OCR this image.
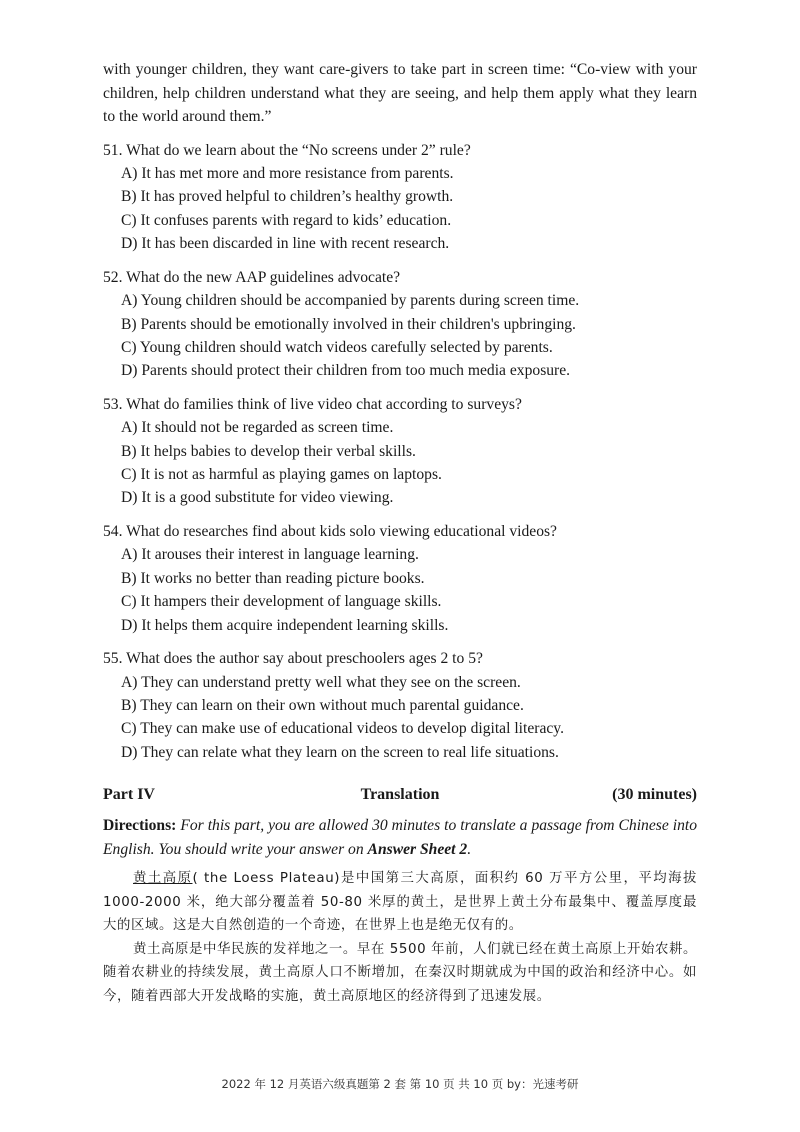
with younger children, they want care-givers to take part in screen time: “Co-view with your children, help children understand what they are seeing, and help them apply what they learn to the world around them.”

51. What do we learn about the “No screens under 2” rule?

A) It has met more and more resistance from parents.

B) It has proved helpful to children’s healthy growth.

C) It confuses parents with regard to kids’ education.

D) It has been discarded in line with recent research.

52. What do the new AAP guidelines advocate?

A) Young children should be accompanied by parents during screen time.

B) Parents should be emotionally involved in their children's upbringing.

C) Young children should watch videos carefully selected by parents.

D) Parents should protect their children from too much media exposure.

53. What do families think of live video chat according to surveys?

A) It should not be regarded as screen time.

B) It helps babies to develop their verbal skills.

C) It is not as harmful as playing games on laptops.

D) It is a good substitute for video viewing.

54. What do researches find about kids solo viewing educational videos?

A) It arouses their interest in language learning.

B) It works no better than reading picture books.

C) It hampers their development of language skills.

D) It helps them acquire independent learning skills.

55. What does the author say about preschoolers ages 2 to 5?

A) They can understand pretty well what they see on the screen.

B) They can learn on their own without much parental guidance.

C) They can make use of educational videos to develop digital literacy.

D) They can relate what they learn on the screen to real life situations.

Part IV	Translation	(30 minutes)

Directions: For this part, you are allowed 30 minutes to translate a passage from Chinese into English. You should write your answer on Answer Sheet 2.

黄土高原( the Loess Plateau)是中国第三大高原，面积约 60 万平方公里，平均海拔 1000-2000 米，绝大部分覆盖着 50-80 米厚的黄土，是世界上黄土分布最集中、覆盖厚度最大的区域。这是大自然创造的一个奇迹，在世界上也是绝无仅有的。

黄土高原是中华民族的发祥地之一。早在 5500 年前，人们就已经在黄土高原上开始农耕。随着农耕业的持续发展，黄土高原人口不断增加，在秦汉时期就成为中国的政治和经济中心。如今，随着西部大开发战略的实施，黄土高原地区的经济得到了迅速发展。

2022 年 12 月英语六级真题第 2 套 第 10 页 共 10 页 by：光速考研
